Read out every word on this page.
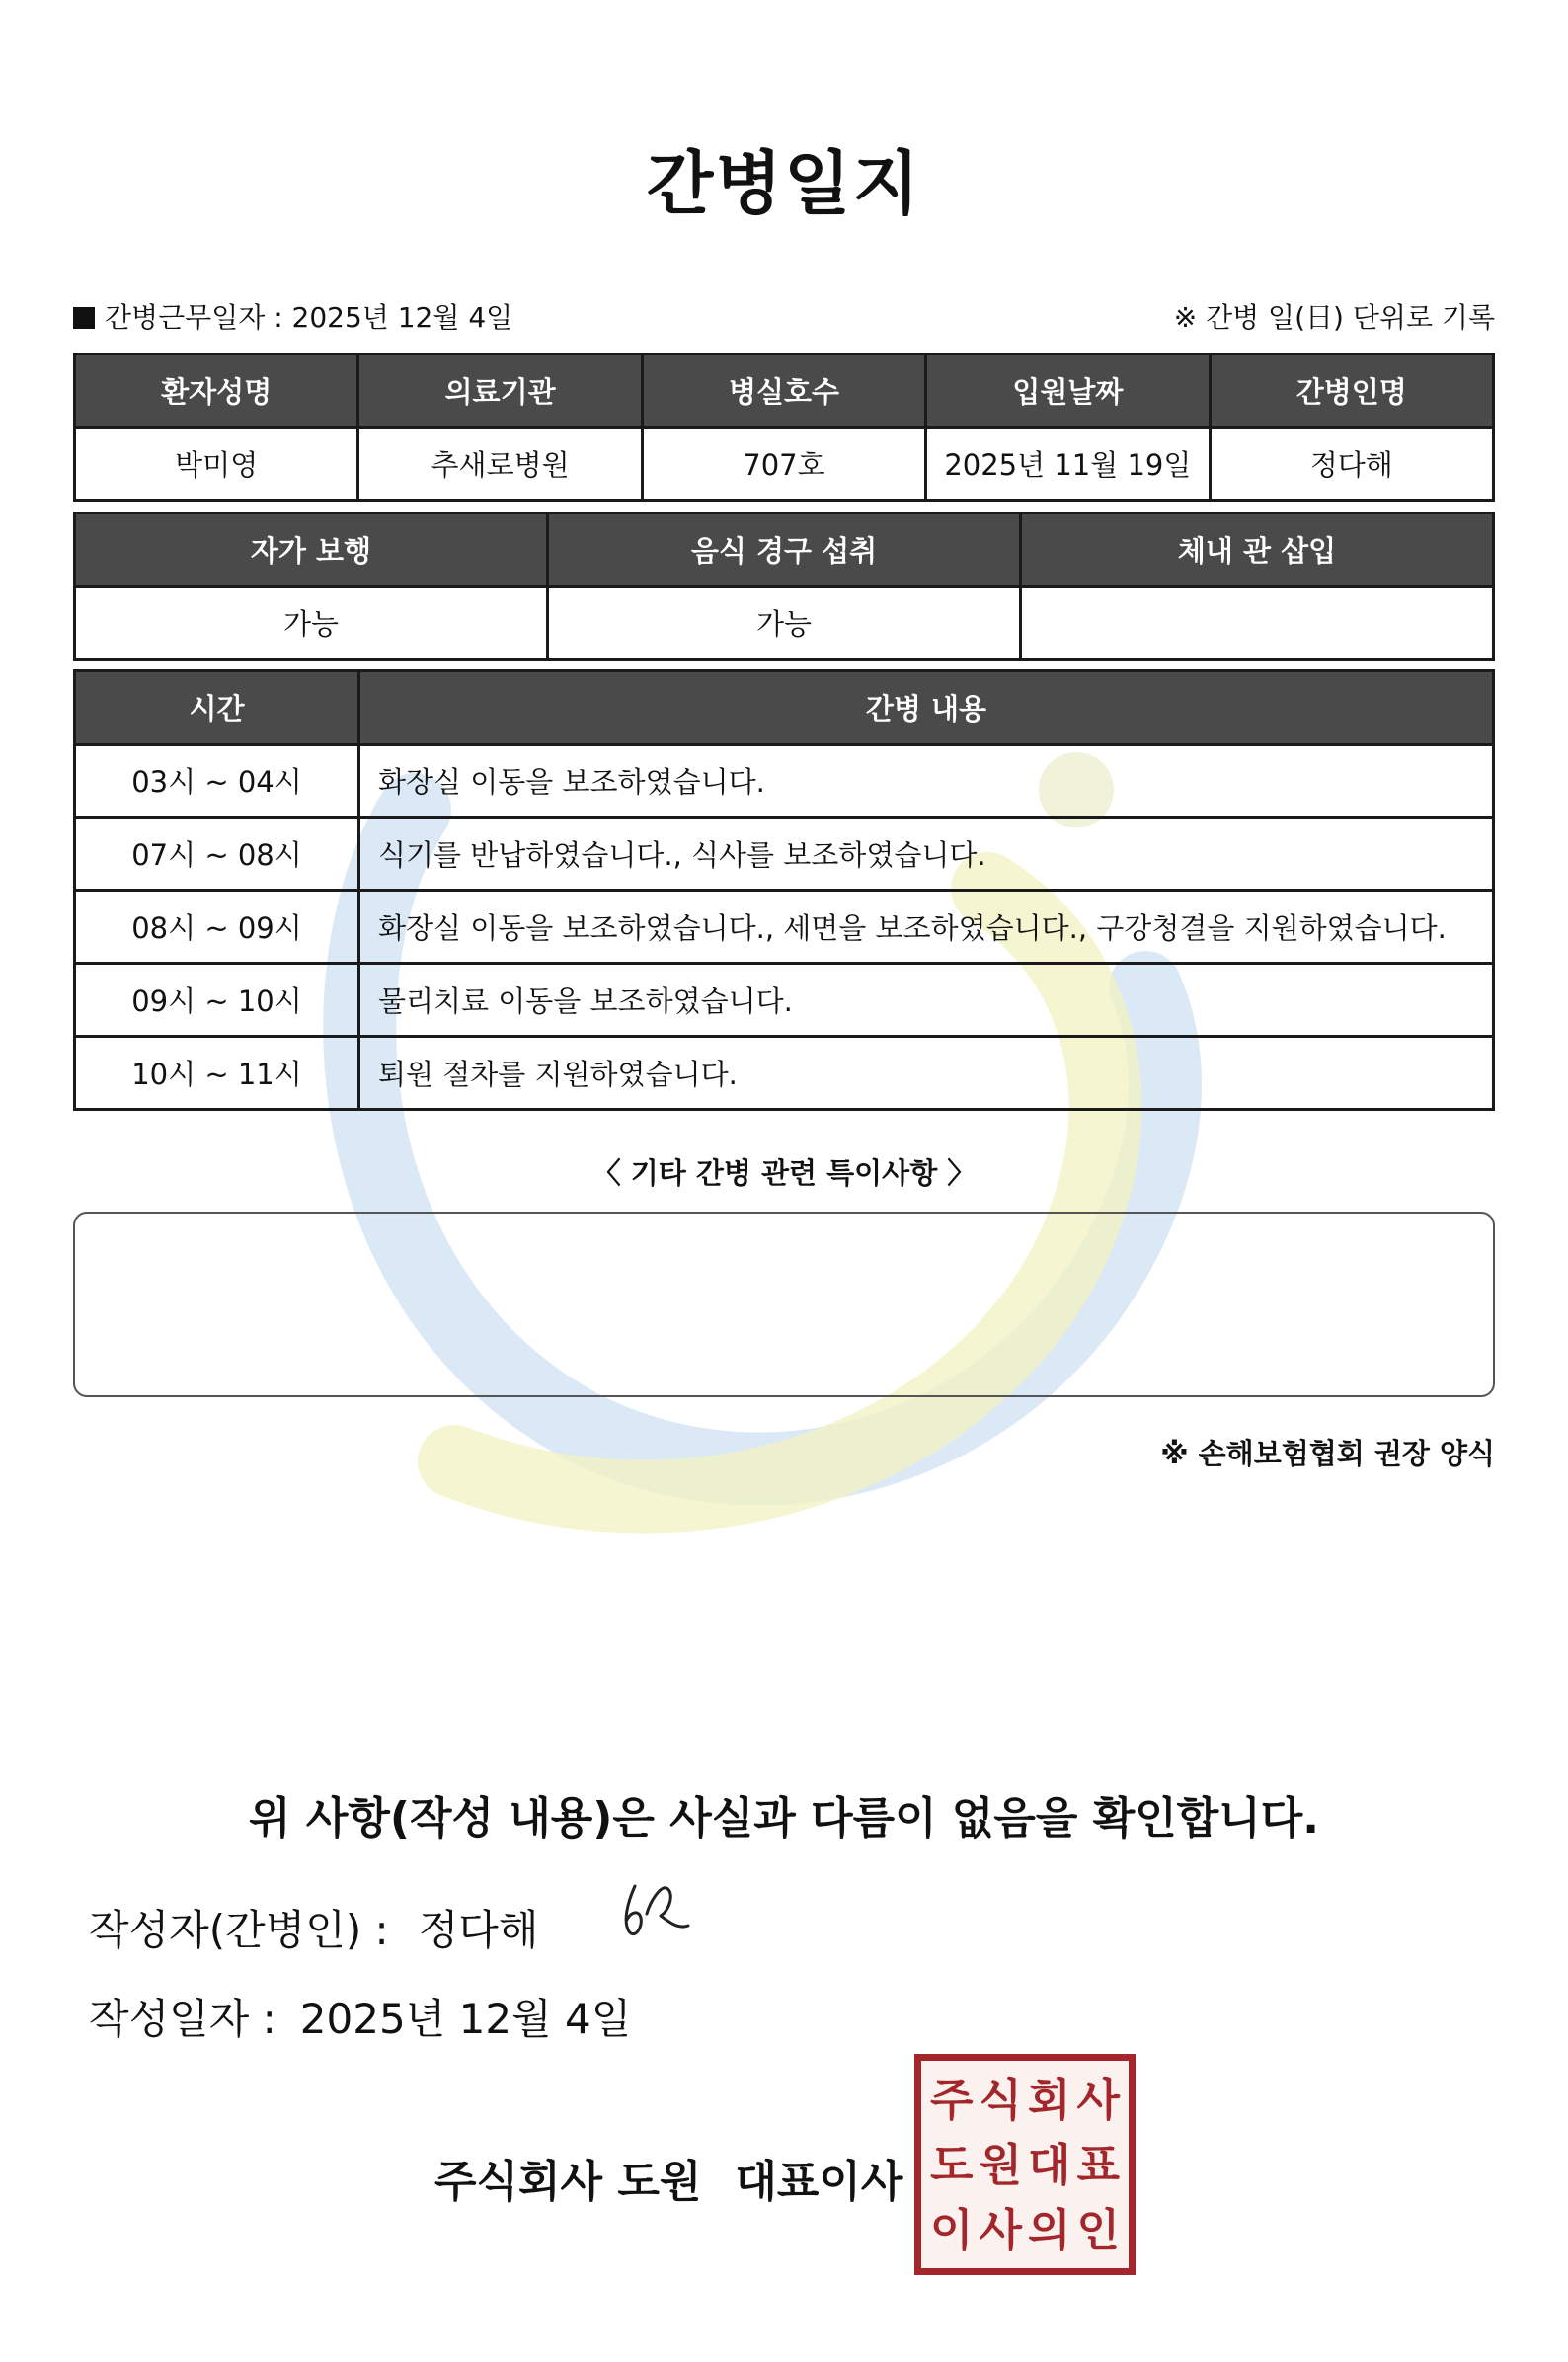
간병일지
간병근무일자 : 2025년 12월 4일	※ 간병 일(日) 단위로 기록
환자성명	의료기관	병실호수	입원날짜	간병인명
박미영	추새로병원	707호	2025년 11월 19일	정다해
자가 보행	음식 경구 섭취	체내 관 삽입
가능	가능	
시간	간병 내용
03시 ~ 04시	화장실 이동을 보조하였습니다.
07시 ~ 08시	식기를 반납하였습니다., 식사를 보조하였습니다.
08시 ~ 09시	화장실 이동을 보조하였습니다., 세면을 보조하였습니다., 구강청결을 지원하였습니다.
09시 ~ 10시	물리치료 이동을 보조하였습니다.
10시 ~ 11시	퇴원 절차를 지원하였습니다.
〈 기타 간병 관련 특이사항 〉
※ 손해보험협회 권장 양식
위 사항(작성 내용)은 사실과 다름이 없음을 확인합니다.
작성자(간병인) : 정다해
작성일자 : 2025년 12월 4일
주식회사 도원 대표이사
주 식 회 사
도 원 대 표
이 사 의 인
